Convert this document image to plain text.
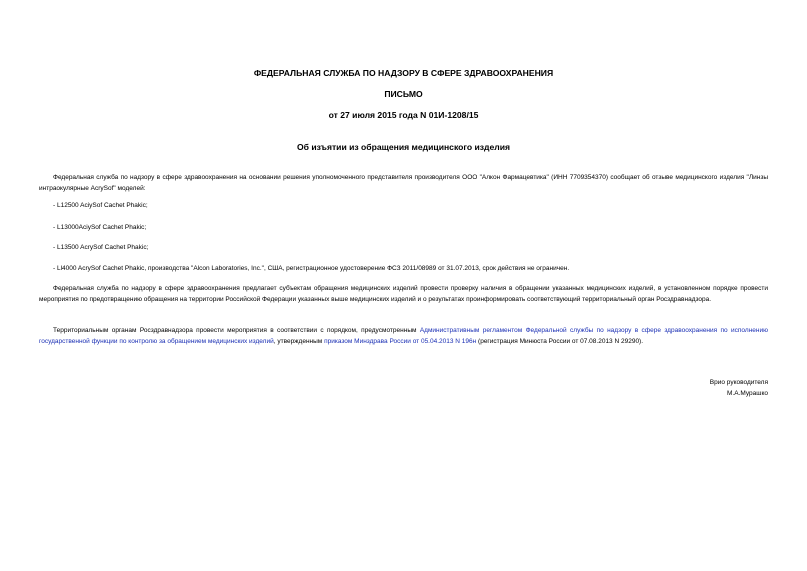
ФЕДЕРАЛЬНАЯ СЛУЖБА ПО НАДЗОРУ В СФЕРЕ ЗДРАВООХРАНЕНИЯ
ПИСЬМО
от 27 июля 2015 года N 01И-1208/15
Об изъятии из обращения медицинского изделия
Федеральная служба по надзору в сфере здравоохранения на основании решения уполномоченного представителя производителя ООО "Алкон Фармацевтика" (ИНН 7709354370) сообщает об отзыве медицинского изделия "Линзы интраокулярные AcrySof" моделей:
- L12500 AciySof Cachet Phakic;
- L13000AciySof Cachet Phakic;
- L13500 AcrySof Cachet Phakic;
- Ll4000 AcrySof Cachet Phakic, производства "Alcon Laboratories, Inc.", США, регистрационное удостоверение ФСЗ 2011/08989 от 31.07.2013, срок действия не ограничен.
Федеральная служба по надзору в сфере здравоохранения предлагает субъектам обращения медицинских изделий провести проверку наличия в обращении указанных медицинских изделий, в установленном порядке провести мероприятия по предотвращению обращения на территории Российской Федерации указанных выше медицинских изделий и о результатах проинформировать соответствующий территориальный орган Росздравнадзора.
Территориальным органам Росздравнадзора провести мероприятия в соответствии с порядком, предусмотренным Административным регламентом Федеральной службы по надзору в сфере здравоохранения по исполнению государственной функции по контролю за обращением медицинских изделий, утвержденным приказом Минздрава России от 05.04.2013 N 196н (регистрация Минюста России от 07.08.2013 N 29290).
Врио руководителя
М.А.Мурашко
